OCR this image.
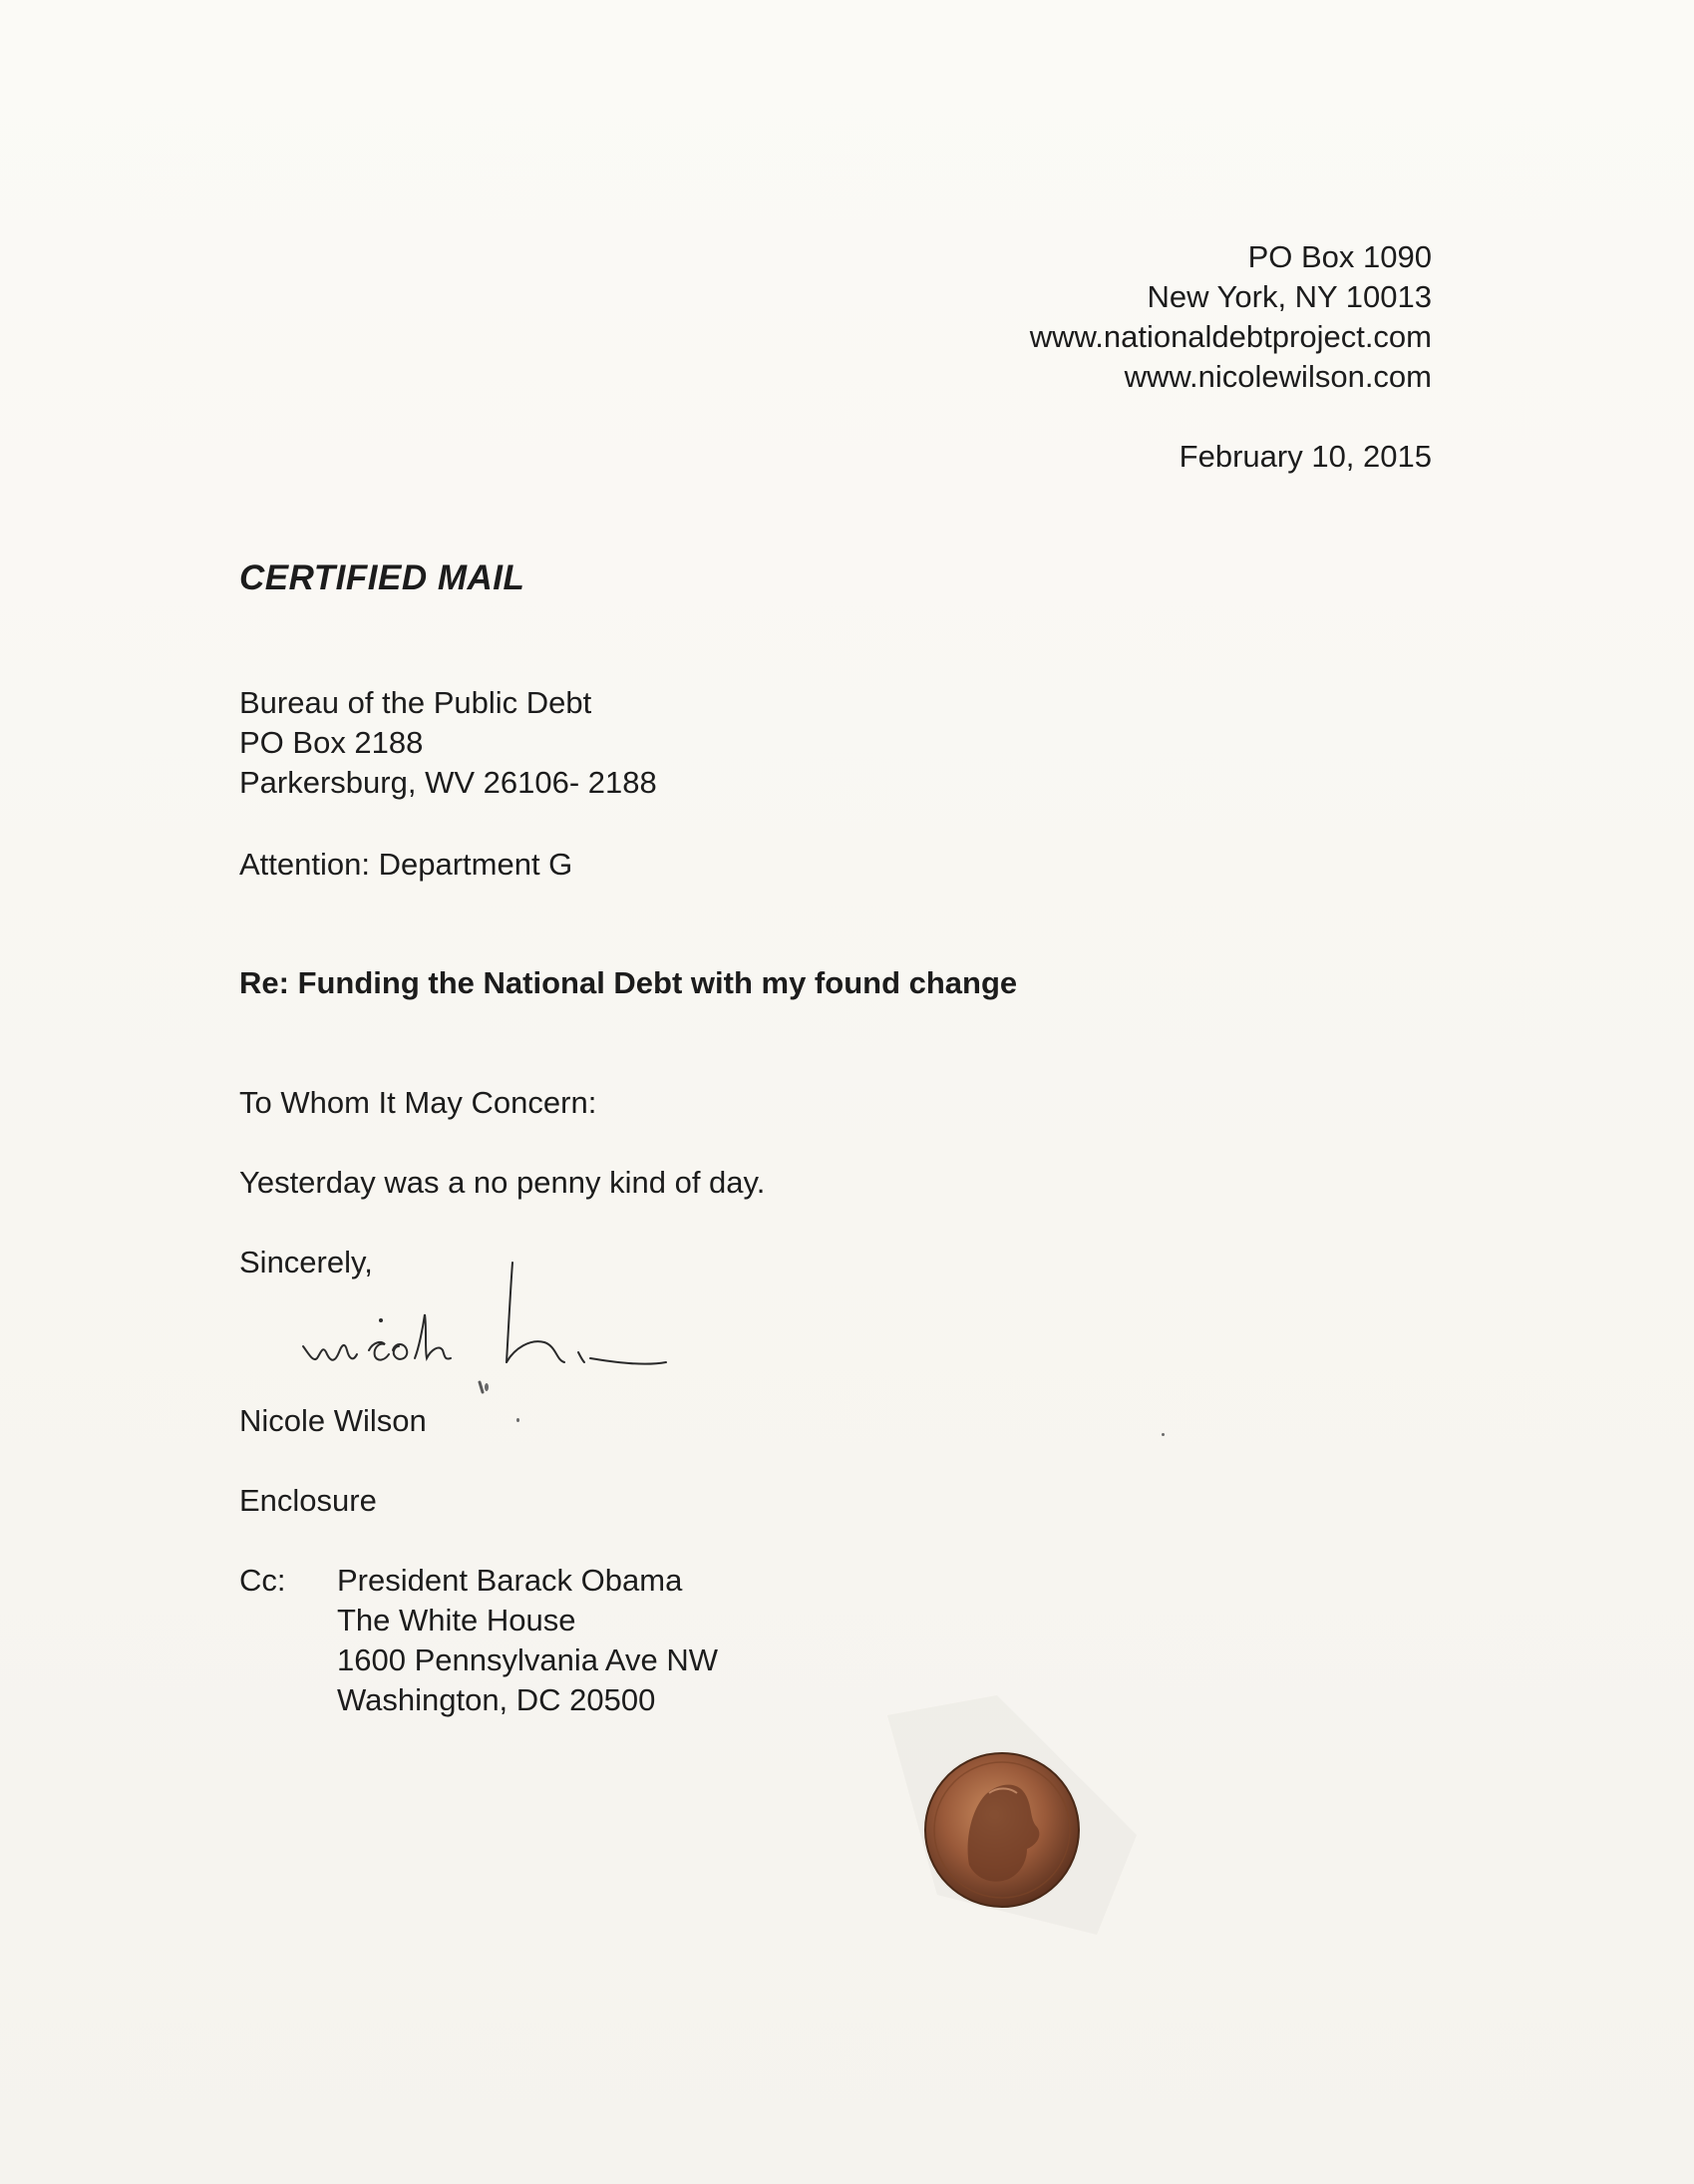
PO Box 1090
New York, NY 10013
www.nationaldebtproject.com
www.nicolewilson.com
February 10, 2015
CERTIFIED MAIL
Bureau of the Public Debt
PO Box 2188
Parkersburg, WV 26106- 2188
Attention: Department G
Re: Funding the National Debt with my found change
To Whom It May Concern:
Yesterday was a no penny kind of day.
Sincerely,
Nicole Wilson
Enclosure
Cc: President Barack Obama
The White House
1600 Pennsylvania Ave NW
Washington, DC 20500
